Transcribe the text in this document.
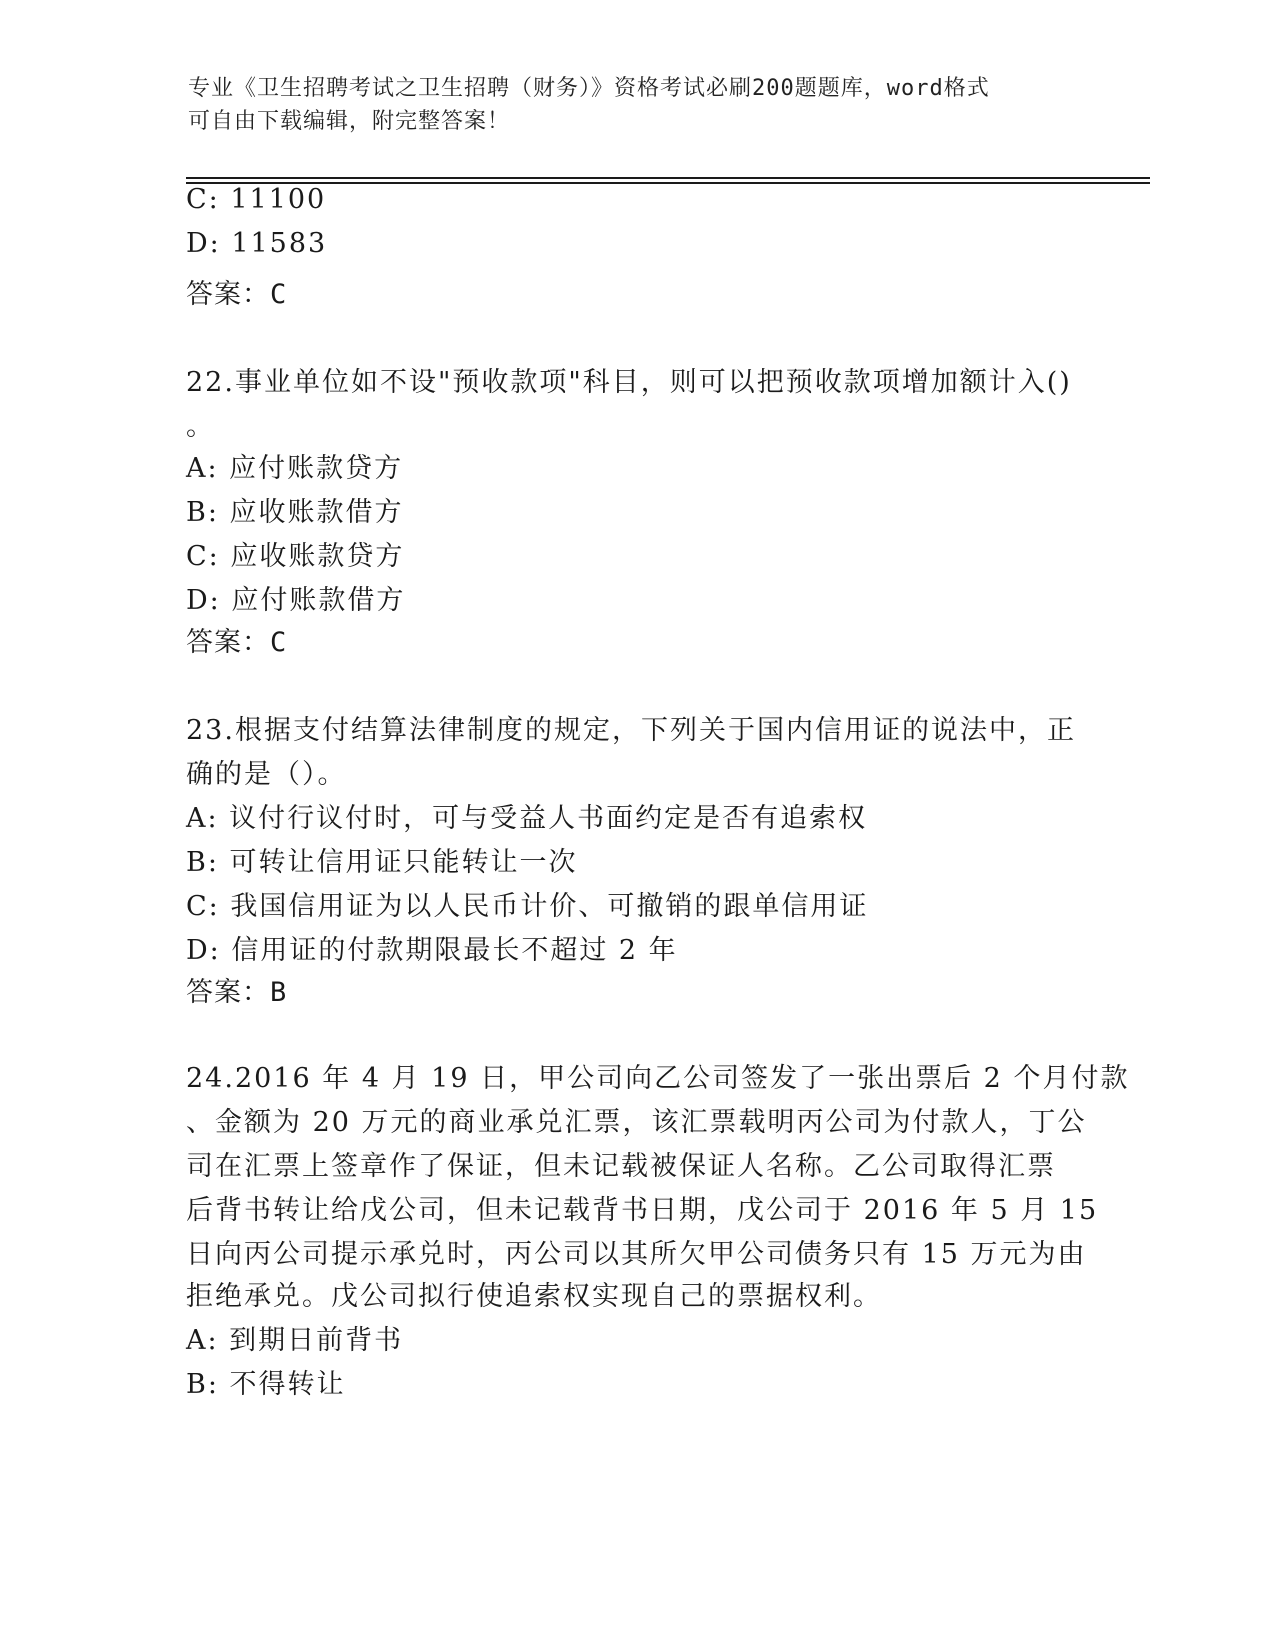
专业《卫生招聘考试之卫生招聘（财务）》资格考试必刷200题题库，word格式
可自由下载编辑，附完整答案！
C: 11100
D: 11583
答案：C
22.事业单位如不设"预收款项"科目，则可以把预收款项增加额计入()
。
A: 应付账款贷方
B: 应收账款借方
C: 应收账款贷方
D: 应付账款借方
答案：C
23.根据支付结算法律制度的规定，下列关于国内信用证的说法中，正
确的是（）。
A: 议付行议付时，可与受益人书面约定是否有追索权
B: 可转让信用证只能转让一次
C: 我国信用证为以人民币计价、可撤销的跟单信用证
D: 信用证的付款期限最长不超过 2 年
答案：B
24.2016 年 4 月 19 日，甲公司向乙公司签发了一张出票后 2 个月付款
、金额为 20 万元的商业承兑汇票，该汇票载明丙公司为付款人，丁公
司在汇票上签章作了保证，但未记载被保证人名称。乙公司取得汇票
后背书转让给戊公司，但未记载背书日期，戊公司于 2016 年 5 月 15
日向丙公司提示承兑时，丙公司以其所欠甲公司债务只有 15 万元为由
拒绝承兑。戊公司拟行使追索权实现自己的票据权利。
A: 到期日前背书
B: 不得转让
